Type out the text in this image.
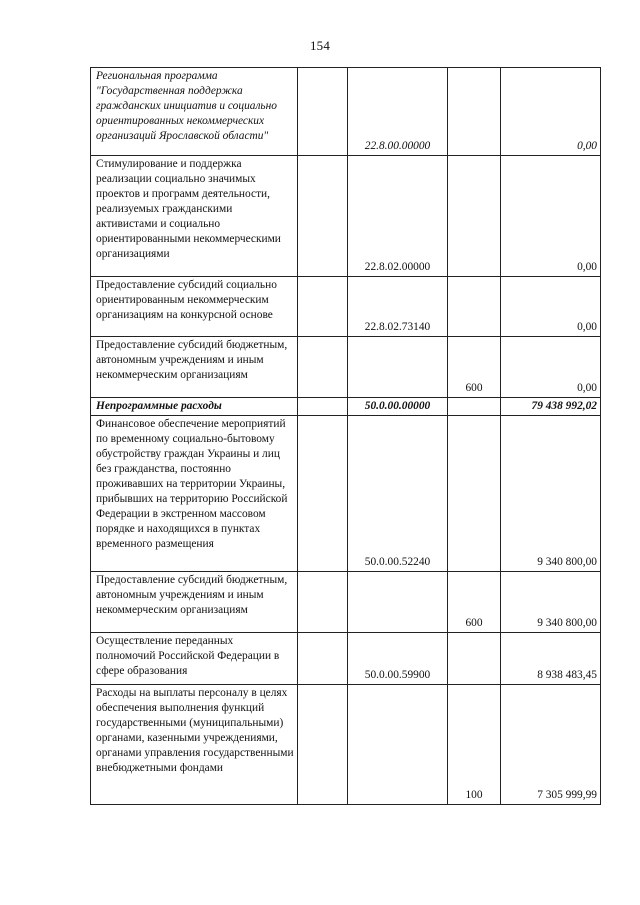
154
Региональная программа "Государственная поддержка гражданских инициатив и социально ориентированных некоммерческих организаций Ярославской области"		22.8.00.00000		0,00

Стимулирование и поддержка реализации социально значимых проектов и программ деятельности, реализуемых гражданскими активистами и социально ориентированными некоммерческими организациями		22.8.02.00000		0,00

Предоставление субсидий социально ориентированным некоммерческим организациям на конкурсной основе		22.8.02.73140		0,00

Предоставление субсидий бюджетным, автономным учреждениям и иным некоммерческим организациям			600	0,00

Непрограммные расходы		50.0.00.00000		79 438 992,02

Финансовое обеспечение мероприятий по временному социально-бытовому обустройству граждан Украины и лиц без гражданства, постоянно проживавших на территории Украины, прибывших на территорию Российской Федерации в экстренном массовом порядке и находящихся в пунктах временного размещения		50.0.00.52240		9 340 800,00

Предоставление субсидий бюджетным, автономным учреждениям и иным некоммерческим организациям			600	9 340 800,00

Осуществление переданных полномочий Российской Федерации в сфере образования		50.0.00.59900		8 938 483,45

Расходы на выплаты персоналу в целях обеспечения выполнения функций государственными (муниципальными) органами, казенными учреждениями, органами управления государственными внебюджетными фондами			100	7 305 999,99
